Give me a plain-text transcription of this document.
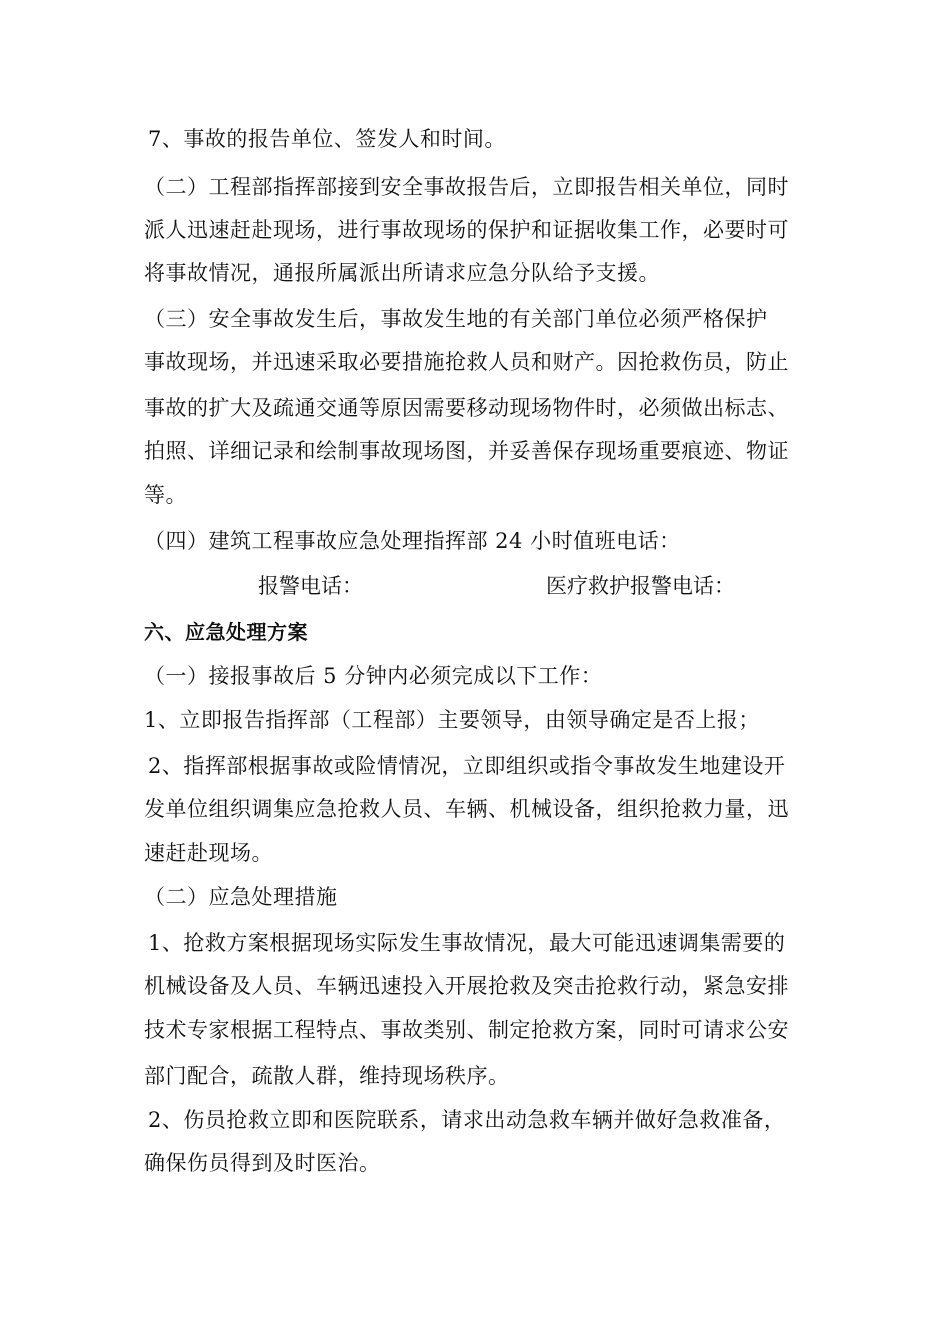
7、事故的报告单位、签发人和时间。
（二）工程部指挥部接到安全事故报告后，立即报告相关单位，同时
派人迅速赶赴现场，进行事故现场的保护和证据收集工作，必要时可
将事故情况，通报所属派出所请求应急分队给予支援。
（三）安全事故发生后，事故发生地的有关部门单位必须严格保护
事故现场，并迅速采取必要措施抢救人员和财产。因抢救伤员，防止
事故的扩大及疏通交通等原因需要移动现场物件时，必须做出标志、
拍照、详细记录和绘制事故现场图，并妥善保存现场重要痕迹、物证
等。
（四）建筑工程事故应急处理指挥部 24 小时值班电话：
报警电话：	医疗救护报警电话：
六、应急处理方案
（一）接报事故后 5 分钟内必须完成以下工作：
1、立即报告指挥部（工程部）主要领导，由领导确定是否上报；
2、指挥部根据事故或险情情况，立即组织或指令事故发生地建设开
发单位组织调集应急抢救人员、车辆、机械设备，组织抢救力量，迅
速赶赴现场。
（二）应急处理措施
1、抢救方案根据现场实际发生事故情况，最大可能迅速调集需要的
机械设备及人员、车辆迅速投入开展抢救及突击抢救行动，紧急安排
技术专家根据工程特点、事故类别、制定抢救方案，同时可请求公安
部门配合，疏散人群，维持现场秩序。
2、伤员抢救立即和医院联系，请求出动急救车辆并做好急救准备，
确保伤员得到及时医治。
